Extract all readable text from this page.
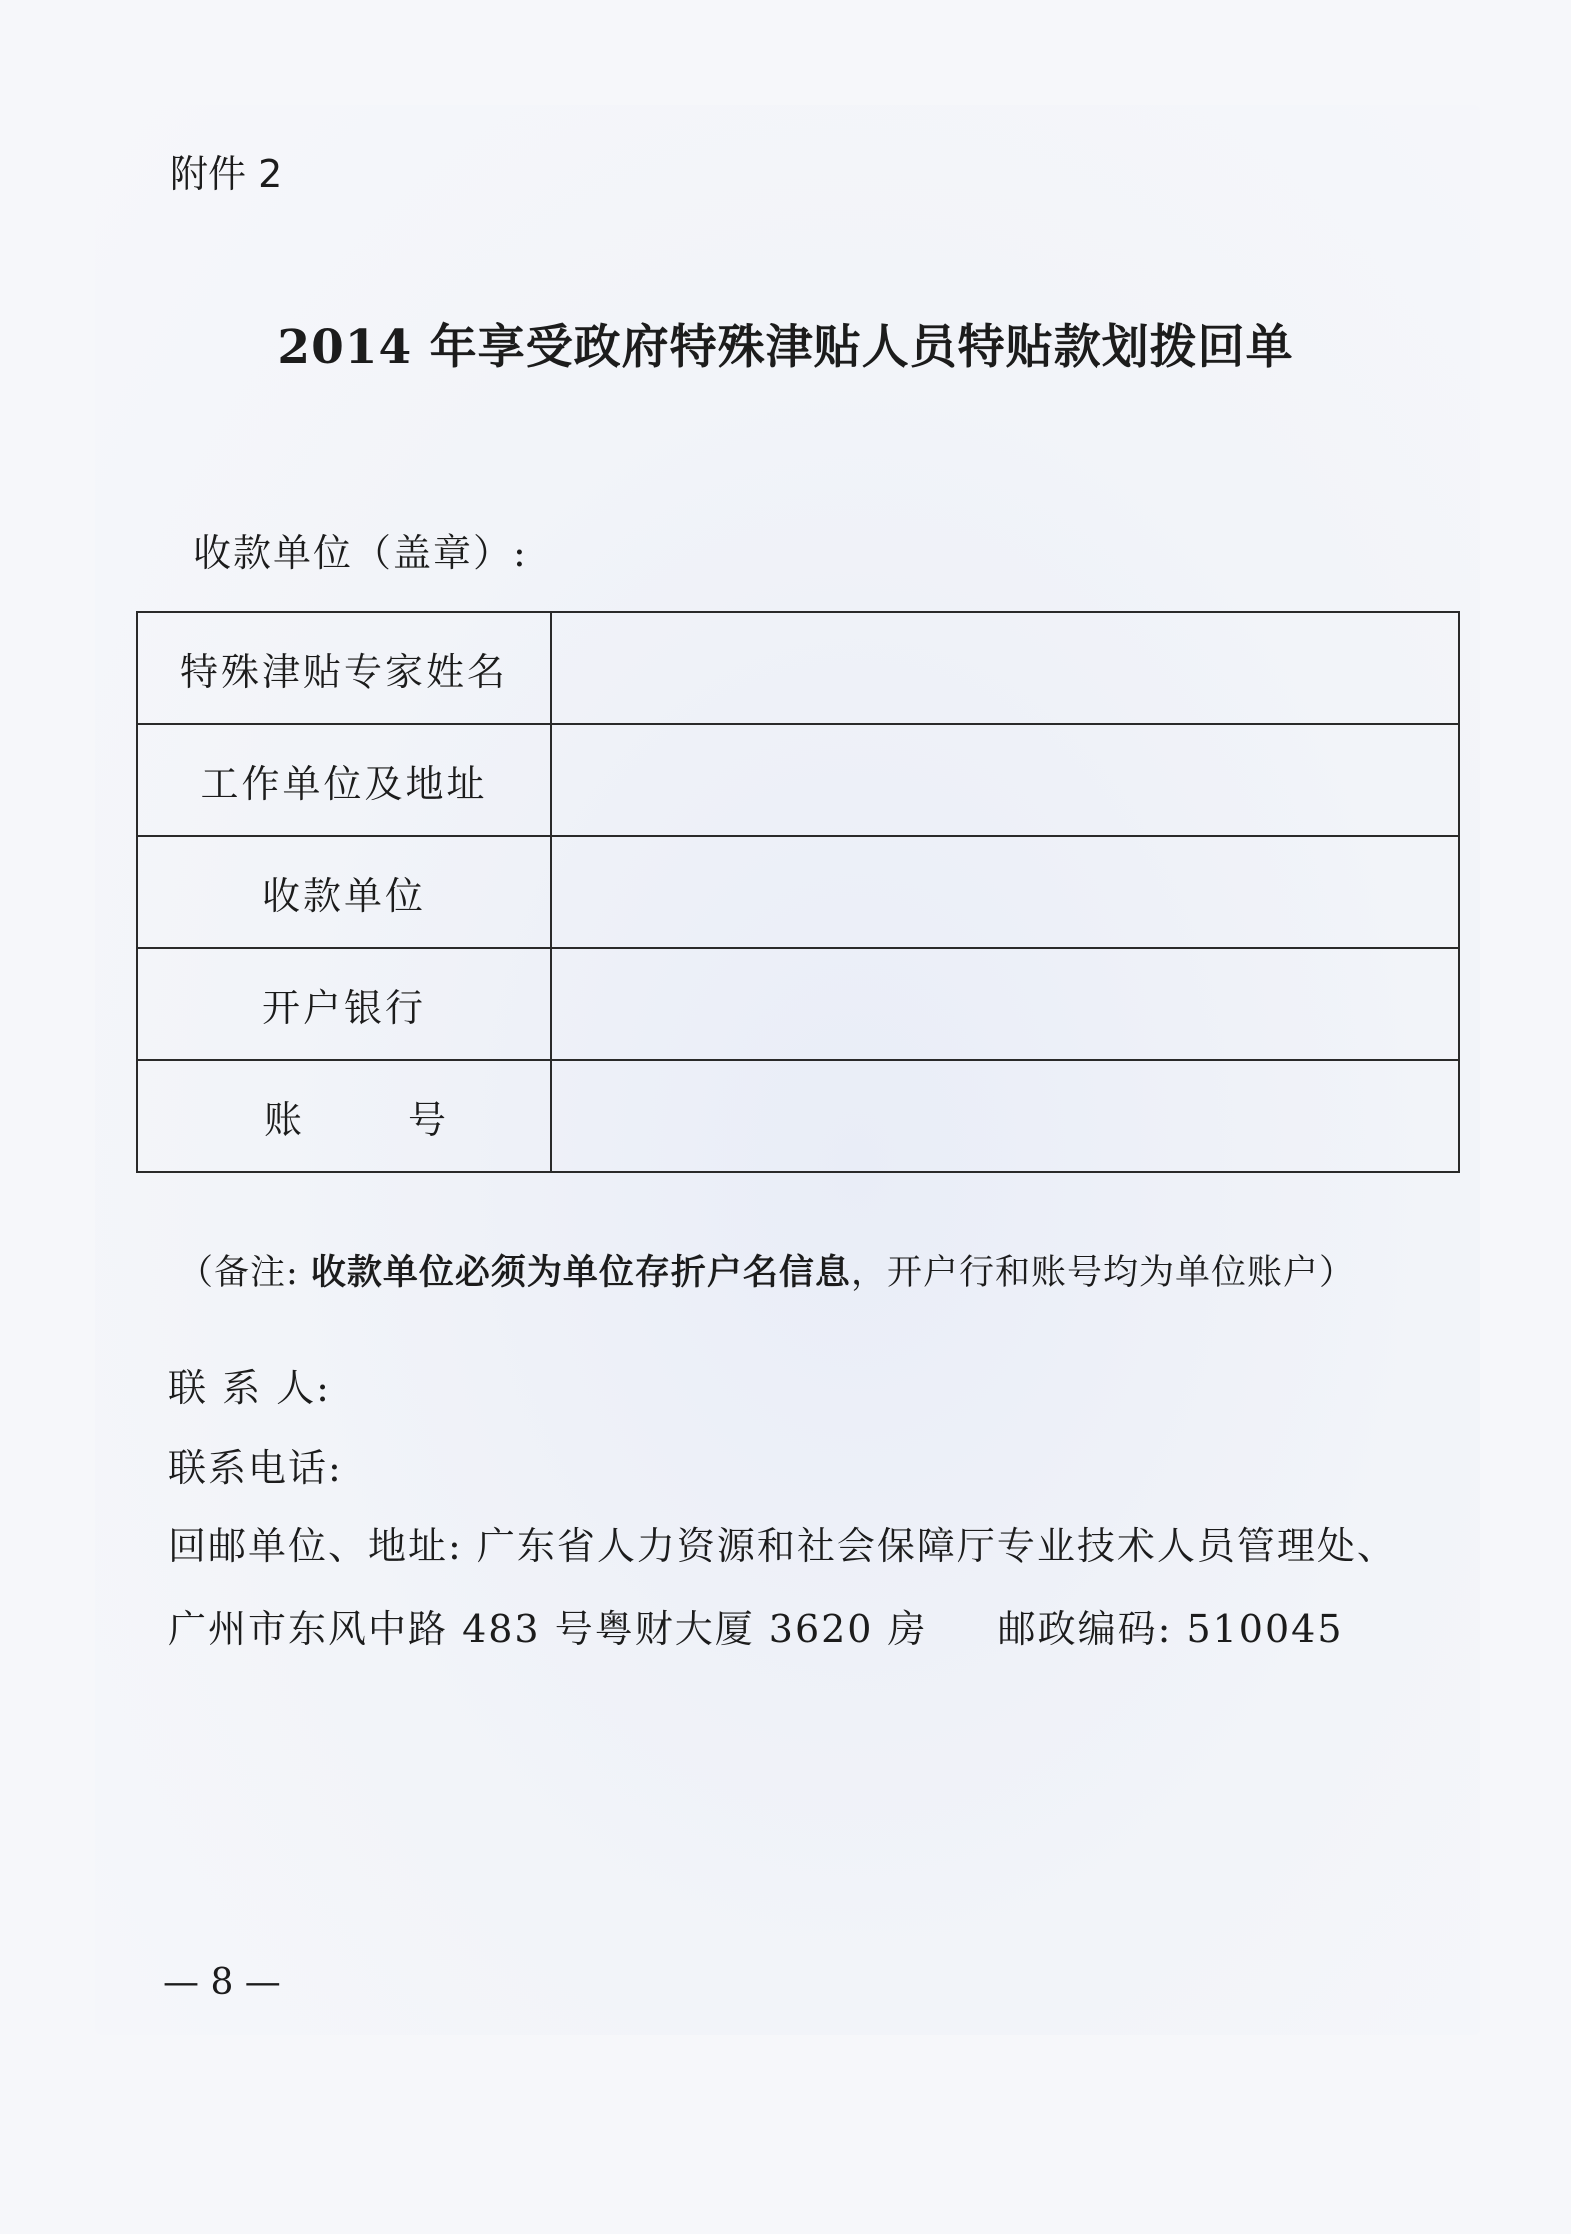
附件 2
2014 年享受政府特殊津贴人员特贴款划拨回单
收款单位（盖章）:
特殊津贴专家姓名	
工作单位及地址	
收款单位	
开户银行	

账 号	

（备注: 收款单位必须为单位存折户名信息，开户行和账号均为单位账户）
联 系 人:
联系电话:
回邮单位、地址: 广东省人力资源和社会保障厅专业技术人员管理处、
广州市东风中路 483 号粤财大厦 3620 房 邮政编码: 510045
— 8 —
